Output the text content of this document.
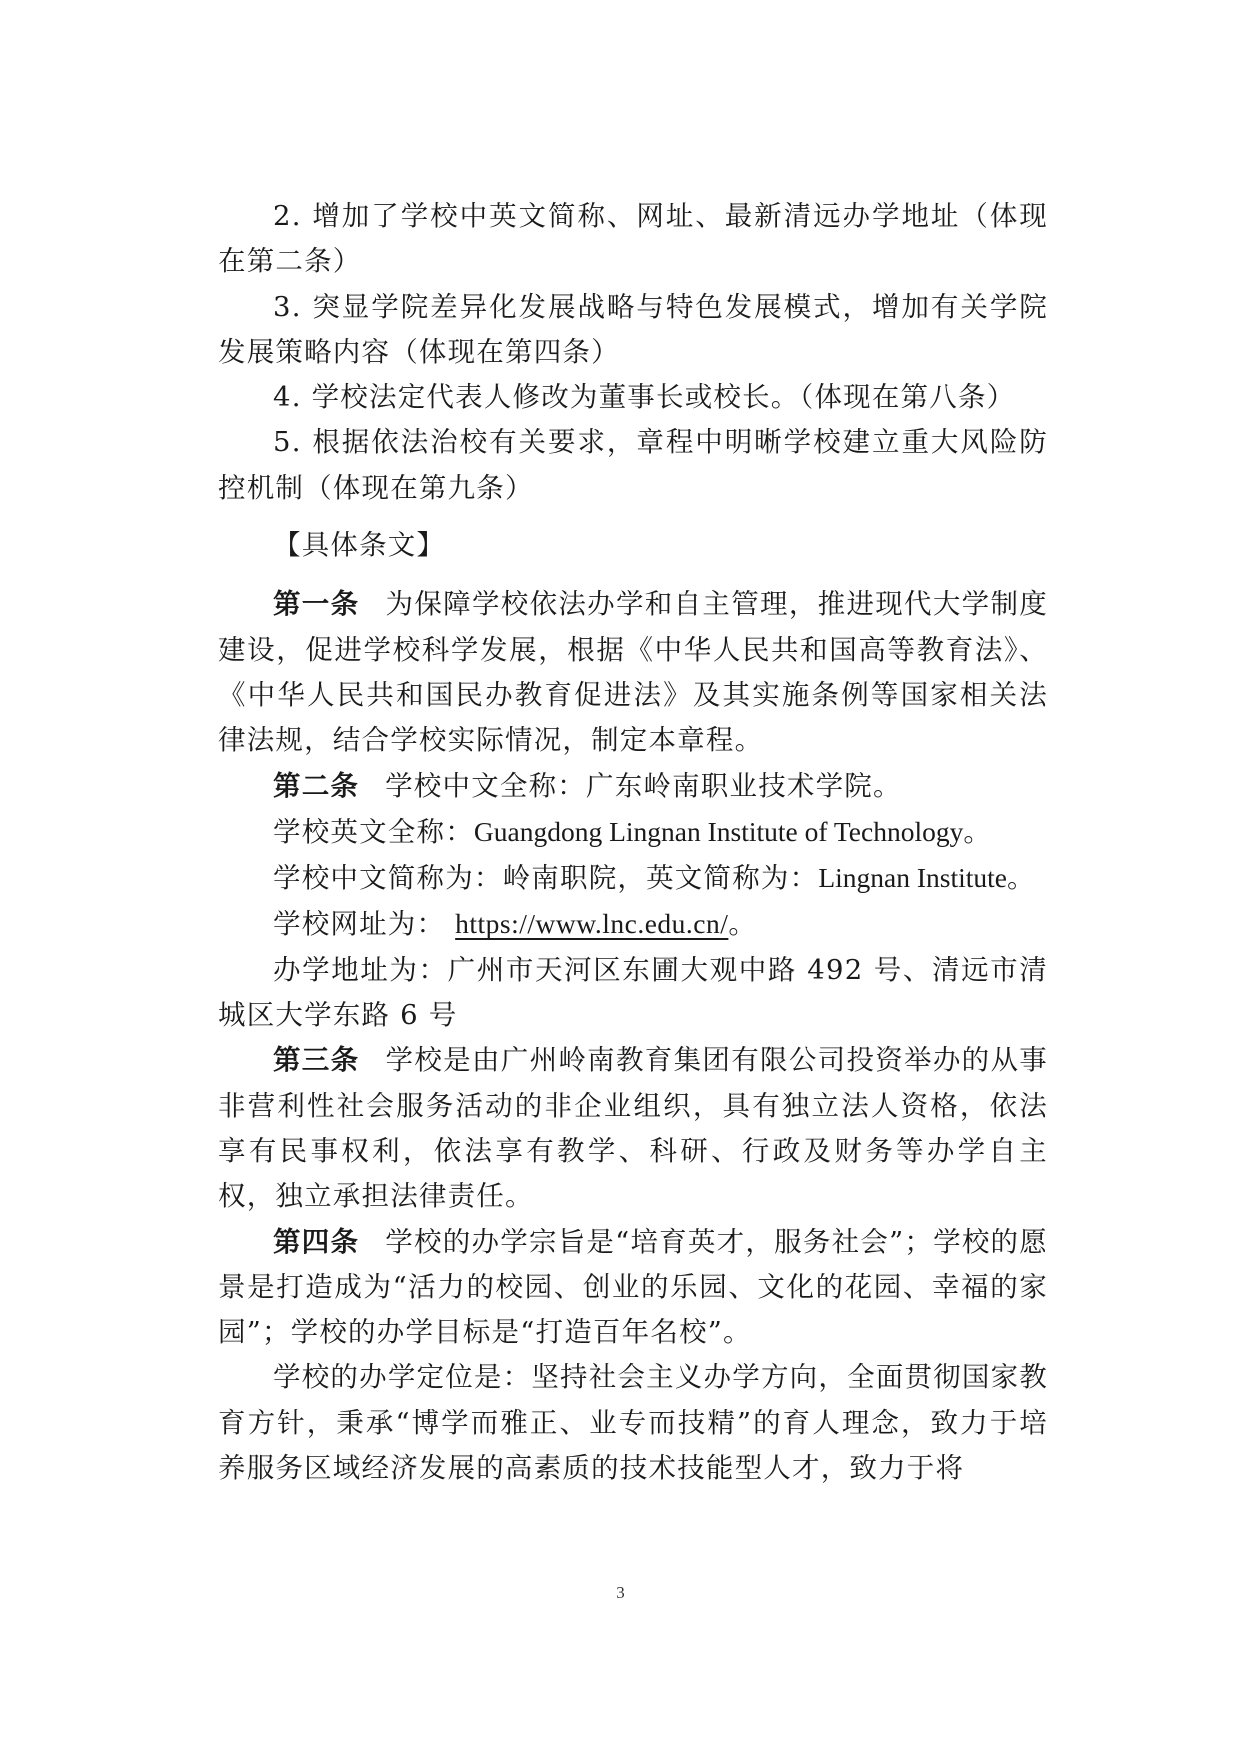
2. 增加了学校中英文简称、网址、最新清远办学地址（体现在第二条）

3. 突显学院差异化发展战略与特色发展模式，增加有关学院发展策略内容（体现在第四条）

4. 学校法定代表人修改为董事长或校长。（体现在第八条）

5. 根据依法治校有关要求，章程中明晰学校建立重大风险防控机制（体现在第九条）

【具体条文】

第一条 为保障学校依法办学和自主管理，推进现代大学制度建设，促进学校科学发展，根据《中华人民共和国高等教育法》、《中华人民共和国民办教育促进法》及其实施条例等国家相关法律法规，结合学校实际情况，制定本章程。

第二条 学校中文全称：广东岭南职业技术学院。

学校英文全称：Guangdong Lingnan Institute of Technology。

学校中文简称为：岭南职院，英文简称为：Lingnan Institute。

学校网址为： https://www.lnc.edu.cn/。

办学地址为：广州市天河区东圃大观中路 492 号、清远市清城区大学东路 6 号

第三条 学校是由广州岭南教育集团有限公司投资举办的从事非营利性社会服务活动的非企业组织，具有独立法人资格，依法享有民事权利，依法享有教学、科研、行政及财务等办学自主权，独立承担法律责任。

第四条 学校的办学宗旨是“培育英才，服务社会”；学校的愿景是打造成为“活力的校园、创业的乐园、文化的花园、幸福的家园”；学校的办学目标是“打造百年名校”。

学校的办学定位是：坚持社会主义办学方向，全面贯彻国家教育方针，秉承“博学而雅正、业专而技精”的育人理念，致力于培养服务区域经济发展的高素质的技术技能型人才，致力于将

3
